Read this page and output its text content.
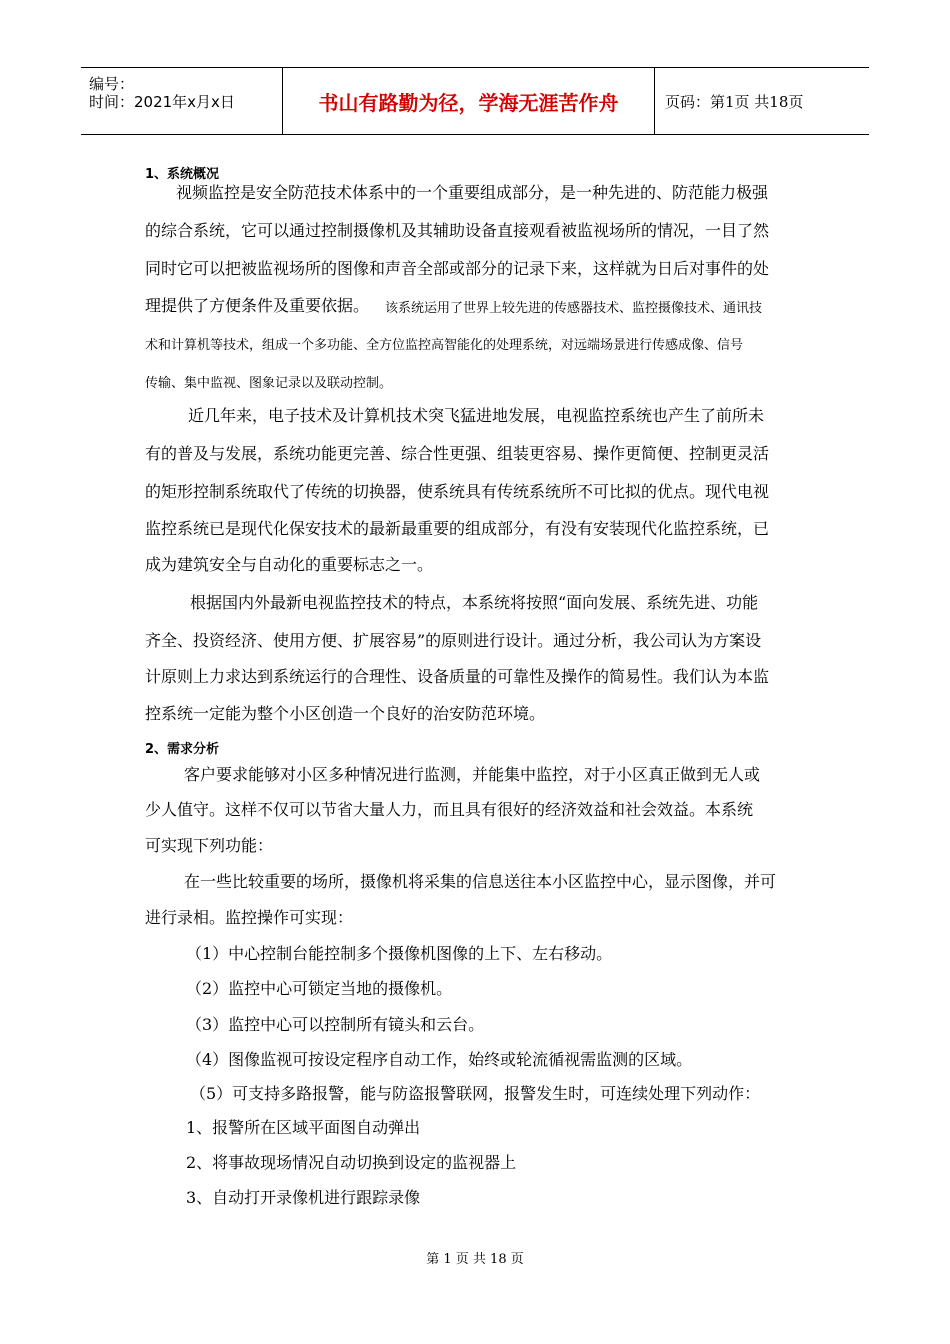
编号：
时间：2021年x月x日	书山有路勤为径，学海无涯苦作舟	页码：第1页 共18页
1、系统概况
视频监控是安全防范技术体系中的一个重要组成部分，是一种先进的、防范能力极强
的综合系统，它可以通过控制摄像机及其辅助设备直接观看被监视场所的情况，一目了然
同时它可以把被监视场所的图像和声音全部或部分的记录下来，这样就为日后对事件的处
理提供了方便条件及重要依据。 该系统运用了世界上较先进的传感器技术、监控摄像技术、通讯技
术和计算机等技术，组成一个多功能、全方位监控高智能化的处理系统，对远端场景进行传感成像、信号
传输、集中监视、图象记录以及联动控制。
近几年来，电子技术及计算机技术突飞猛进地发展，电视监控系统也产生了前所未
有的普及与发展，系统功能更完善、综合性更强、组装更容易、操作更简便、控制更灵活
的矩形控制系统取代了传统的切换器，使系统具有传统系统所不可比拟的优点。现代电视
监控系统已是现代化保安技术的最新最重要的组成部分，有没有安装现代化监控系统，已
成为建筑安全与自动化的重要标志之一。
根据国内外最新电视监控技术的特点，本系统将按照“面向发展、系统先进、功能
齐全、投资经济、使用方便、扩展容易”的原则进行设计。通过分析，我公司认为方案设
计原则上力求达到系统运行的合理性、设备质量的可靠性及操作的简易性。我们认为本监
控系统一定能为整个小区创造一个良好的治安防范环境。
2、需求分析
客户要求能够对小区多种情况进行监测，并能集中监控，对于小区真正做到无人或
少人值守。这样不仅可以节省大量人力，而且具有很好的经济效益和社会效益。本系统
可实现下列功能：
在一些比较重要的场所，摄像机将采集的信息送往本小区监控中心，显示图像，并可
进行录相。监控操作可实现：
（1）中心控制台能控制多个摄像机图像的上下、左右移动。
（2）监控中心可锁定当地的摄像机。
（3）监控中心可以控制所有镜头和云台。
（4）图像监视可按设定程序自动工作，始终或轮流循视需监测的区域。
（5）可支持多路报警，能与防盗报警联网，报警发生时，可连续处理下列动作：
1、报警所在区域平面图自动弹出
2、将事故现场情况自动切换到设定的监视器上
3、自动打开录像机进行跟踪录像
第 1 页 共 18 页
